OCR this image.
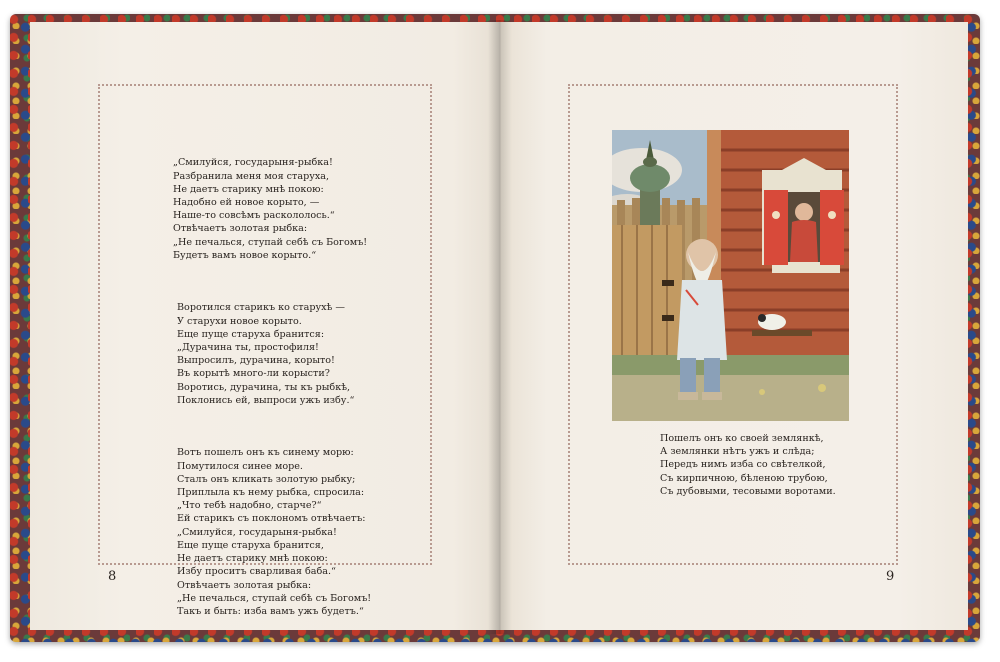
„Смилуйся, государыня-рыбка!
Разбранила меня моя старуха,
Не даетъ старику мнѣ покою:
Надобно ей новое корыто, —
Наше-то совсѣмъ раскололось.“
Отвѣчаетъ золотая рыбка:
„Не печалься, ступай себѣ съ Богомъ!
Будетъ вамъ новое корыто.“

Воротился старикъ ко старухѣ —
У старухи новое корыто.
Еще пуще старуха бранится:
„Дурачина ты, простофиля!
Выпросилъ, дурачина, корыто!
Въ корытѣ много-ли корысти?
Воротись, дурачина, ты къ рыбкѣ,
Поклонись ей, выпроси ужъ избу.“

Вотъ пошелъ онъ къ синему морю:
Помутилося синее море.
Сталъ онъ кликать золотую рыбку;
Приплыла къ нему рыбка, спросила:
„Что тебѣ надобно, старче?“
Ей старикъ съ поклономъ отвѣчаетъ:
„Смилуйся, государыня-рыбка!
Еще пуще старуха бранится,
Не даетъ старику мнѣ покою:
Избу проситъ сварливая баба.“
Отвѣчаетъ золотая рыбка:
„Не печалься, ступай себѣ съ Богомъ!
Такъ и быть: изба вамъ ужъ будетъ.“

8
Пошелъ онъ ко своей землянкѣ,
А землянки нѣтъ ужъ и слѣда;
Передъ нимъ изба со свѣтелкой,
Съ кирпичною, бѣленою трубою,
Съ дубовыми, тесовыми воротами.
9
